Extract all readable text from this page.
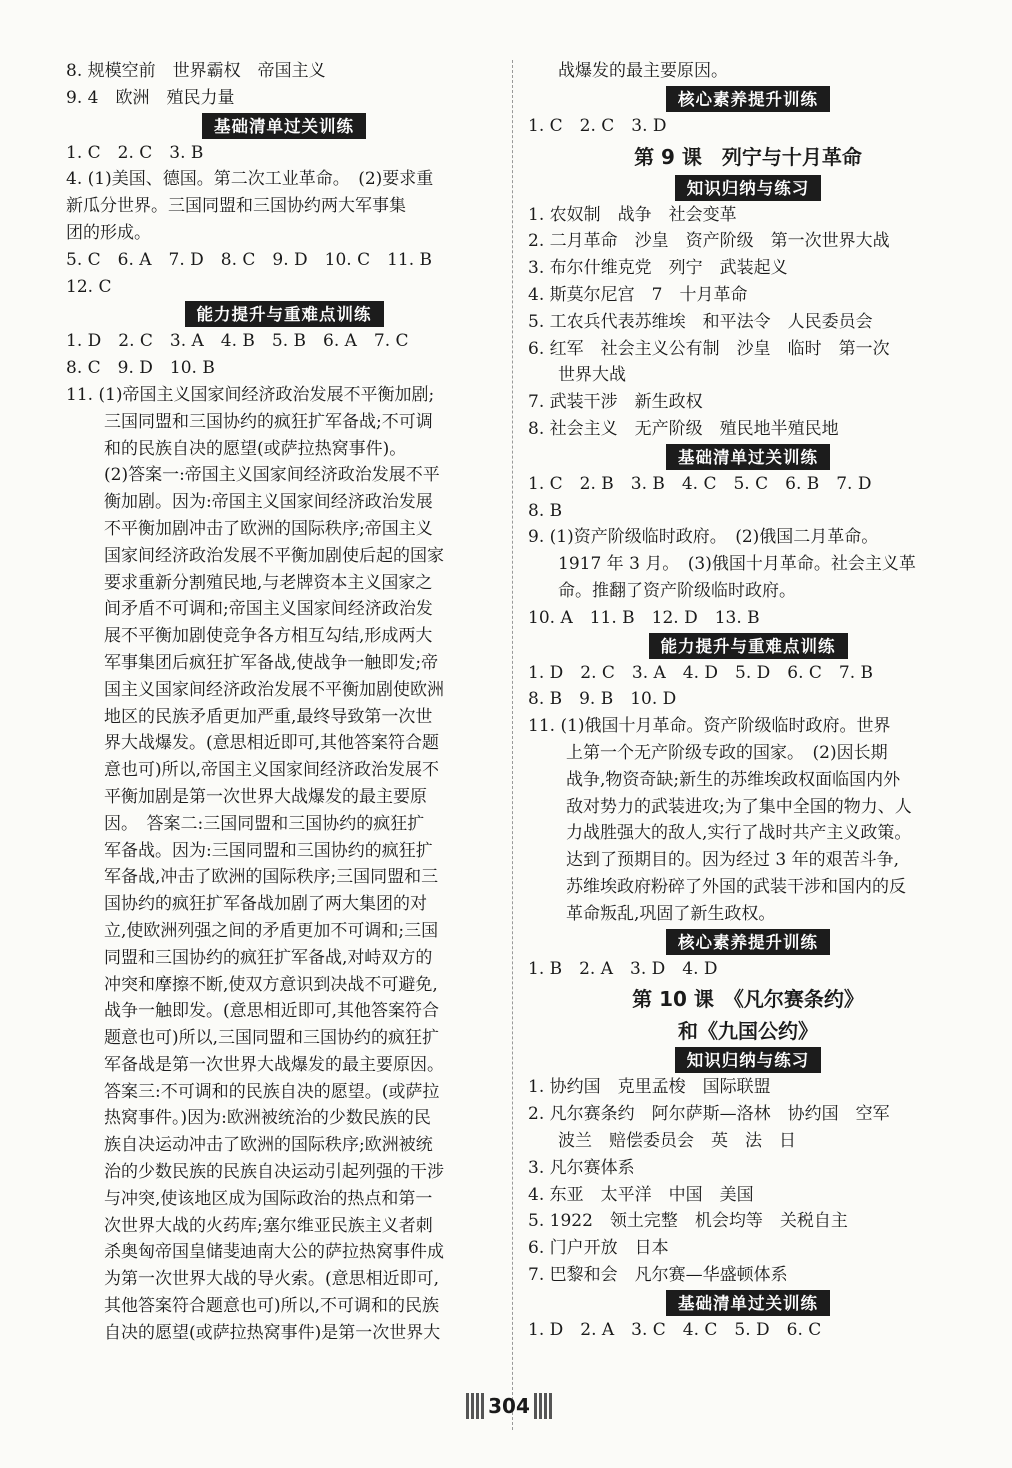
8. 规模空前　世界霸权　帝国主义
9. 4　欧洲　殖民力量
基础清单过关训练
1. C　2. C　3. B
4. (1)美国、德国。第二次工业革命。　(2)要求重
新瓜分世界。三国同盟和三国协约两大军事集
团的形成。
5. C　6. A　7. D　8. C　9. D　10. C　11. B
12. C
能力提升与重难点训练
1. D　2. C　3. A　4. B　5. B　6. A　7. C
8. C　9. D　10. B
11. (1)帝国主义国家间经济政治发展不平衡加剧;
三国同盟和三国协约的疯狂扩军备战;不可调
和的民族自决的愿望(或萨拉热窝事件)。
(2)答案一:帝国主义国家间经济政治发展不平
衡加剧。因为:帝国主义国家间经济政治发展
不平衡加剧冲击了欧洲的国际秩序;帝国主义
国家间经济政治发展不平衡加剧使后起的国家
要求重新分割殖民地,与老牌资本主义国家之
间矛盾不可调和;帝国主义国家间经济政治发
展不平衡加剧使竞争各方相互勾结,形成两大
军事集团后疯狂扩军备战,使战争一触即发;帝
国主义国家间经济政治发展不平衡加剧使欧洲
地区的民族矛盾更加严重,最终导致第一次世
界大战爆发。(意思相近即可,其他答案符合题
意也可)所以,帝国主义国家间经济政治发展不
平衡加剧是第一次世界大战爆发的最主要原
因。　答案二:三国同盟和三国协约的疯狂扩
军备战。因为:三国同盟和三国协约的疯狂扩
军备战,冲击了欧洲的国际秩序;三国同盟和三
国协约的疯狂扩军备战加剧了两大集团的对
立,使欧洲列强之间的矛盾更加不可调和;三国
同盟和三国协约的疯狂扩军备战,对峙双方的
冲突和摩擦不断,使双方意识到决战不可避免,
战争一触即发。(意思相近即可,其他答案符合
题意也可)所以,三国同盟和三国协约的疯狂扩
军备战是第一次世界大战爆发的最主要原因。
答案三:不可调和的民族自决的愿望。(或萨拉
热窝事件。)因为:欧洲被统治的少数民族的民
族自决运动冲击了欧洲的国际秩序;欧洲被统
治的少数民族的民族自决运动引起列强的干涉
与冲突,使该地区成为国际政治的热点和第一
次世界大战的火药库;塞尔维亚民族主义者刺
杀奥匈帝国皇储斐迪南大公的萨拉热窝事件成
为第一次世界大战的导火索。(意思相近即可,
其他答案符合题意也可)所以,不可调和的民族
自决的愿望(或萨拉热窝事件)是第一次世界大
战爆发的最主要原因。
核心素养提升训练
1. C　2. C　3. D
第 9 课　列宁与十月革命
知识归纳与练习
1. 农奴制　战争　社会变革
2. 二月革命　沙皇　资产阶级　第一次世界大战
3. 布尔什维克党　列宁　武装起义
4. 斯莫尔尼宫　7　十月革命
5. 工农兵代表苏维埃　和平法令　人民委员会
6. 红军　社会主义公有制　沙皇　临时　第一次
世界大战
7. 武装干涉　新生政权
8. 社会主义　无产阶级　殖民地半殖民地
基础清单过关训练
1. C　2. B　3. B　4. C　5. C　6. B　7. D
8. B
9. (1)资产阶级临时政府。　(2)俄国二月革命。
1917 年 3 月。　(3)俄国十月革命。社会主义革
命。推翻了资产阶级临时政府。
10. A　11. B　12. D　13. B
能力提升与重难点训练
1. D　2. C　3. A　4. D　5. D　6. C　7. B
8. B　9. B　10. D
11. (1)俄国十月革命。资产阶级临时政府。世界
上第一个无产阶级专政的国家。　(2)因长期
战争,物资奇缺;新生的苏维埃政权面临国内外
敌对势力的武装进攻;为了集中全国的物力、人
力战胜强大的敌人,实行了战时共产主义政策。
达到了预期目的。因为经过 3 年的艰苦斗争,
苏维埃政府粉碎了外国的武装干涉和国内的反
革命叛乱,巩固了新生政权。
核心素养提升训练
1. B　2. A　3. D　4. D
第 10 课　《凡尔赛条约》
和《九国公约》
知识归纳与练习
1. 协约国　克里孟梭　国际联盟
2. 凡尔赛条约　阿尔萨斯—洛林　协约国　空军
波兰　赔偿委员会　英　法　日
3. 凡尔赛体系
4. 东亚　太平洋　中国　美国
5. 1922　领土完整　机会均等　关税自主
6. 门户开放　日本
7. 巴黎和会　凡尔赛—华盛顿体系
基础清单过关训练
1. D　2. A　3. C　4. C　5. D　6. C
304
